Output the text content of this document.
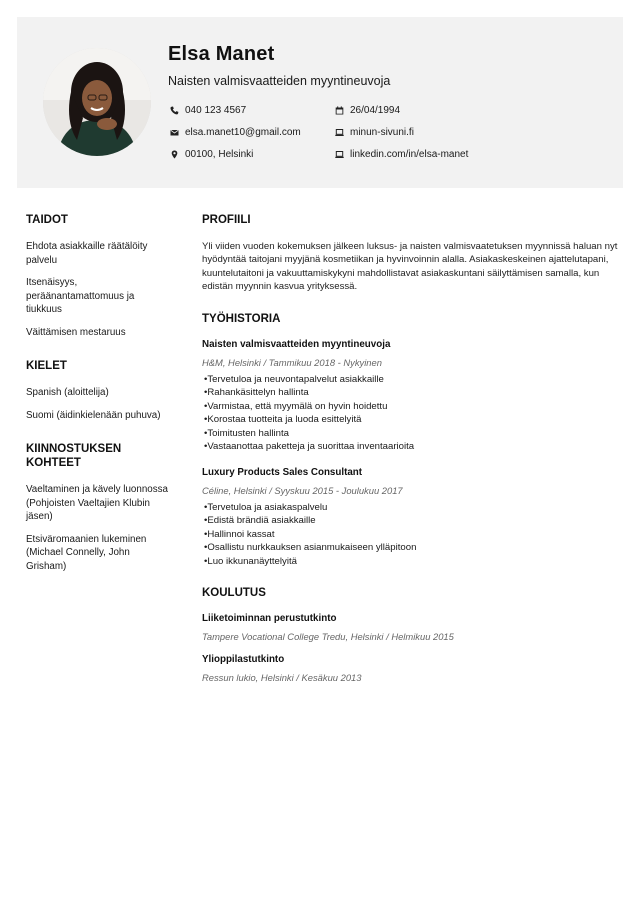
Elsa Manet
Naisten valmisvaatteiden myyntineuvoja
040 123 4567
elsa.manet10@gmail.com
00100, Helsinki
26/04/1994
minun-sivuni.fi
linkedin.com/in/elsa-manet
TAIDOT
Ehdota asiakkaille räätälöity palvelu
Itsenäisyys, peräänantamattomuus ja tiukkuus
Väittämisen mestaruus
KIELET
Spanish (aloittelija)
Suomi (äidinkielenään puhuva)
KIINNOSTUKSEN KOHTEET
Vaeltaminen ja kävely luonnossa (Pohjoisten Vaeltajien Klubin jäsen)
Etsiväromaanien lukeminen (Michael Connelly, John Grisham)
PROFIILI
Yli viiden vuoden kokemuksen jälkeen luksus- ja naisten valmisvaatetuksen myynnissä haluan nyt hyödyntää taitojani myyjänä kosmetiikan ja hyvinvoinnin alalla. Asiakaskeskeinen ajattelutapani, kuuntelutaitoni ja vakuuttamiskykyni mahdollistavat asiakaskuntani säilyttämisen samalla, kun edistän myynnin kasvua yrityksessä.
TYÖHISTORIA
Naisten valmisvaatteiden myyntineuvoja
H&M, Helsinki / Tammikuu 2018 - Nykyinen
• Tervetuloa ja neuvontapalvelut asiakkaille
• Rahankäsittelyn hallinta
• Varmistaa, että myymälä on hyvin hoidettu
• Korostaa tuotteita ja luoda esittelyitä
• Toimitusten hallinta
• Vastaanottaa paketteja ja suorittaa inventaarioita
Luxury Products Sales Consultant
Céline, Helsinki / Syyskuu 2015 - Joulukuu 2017
• Tervetuloa ja asiakaspalvelu
• Edistä brändiä asiakkaille
• Hallinnoi kassat
• Osallistu nurkkauksen asianmukaiseen ylläpitoon
• Luo ikkunanäyttelyitä
KOULUTUS
Liiketoiminnan perustutkinto
Tampere Vocational College Tredu, Helsinki / Helmikuu 2015
Ylioppilastutkinto
Ressun lukio, Helsinki / Kesäkuu 2013
